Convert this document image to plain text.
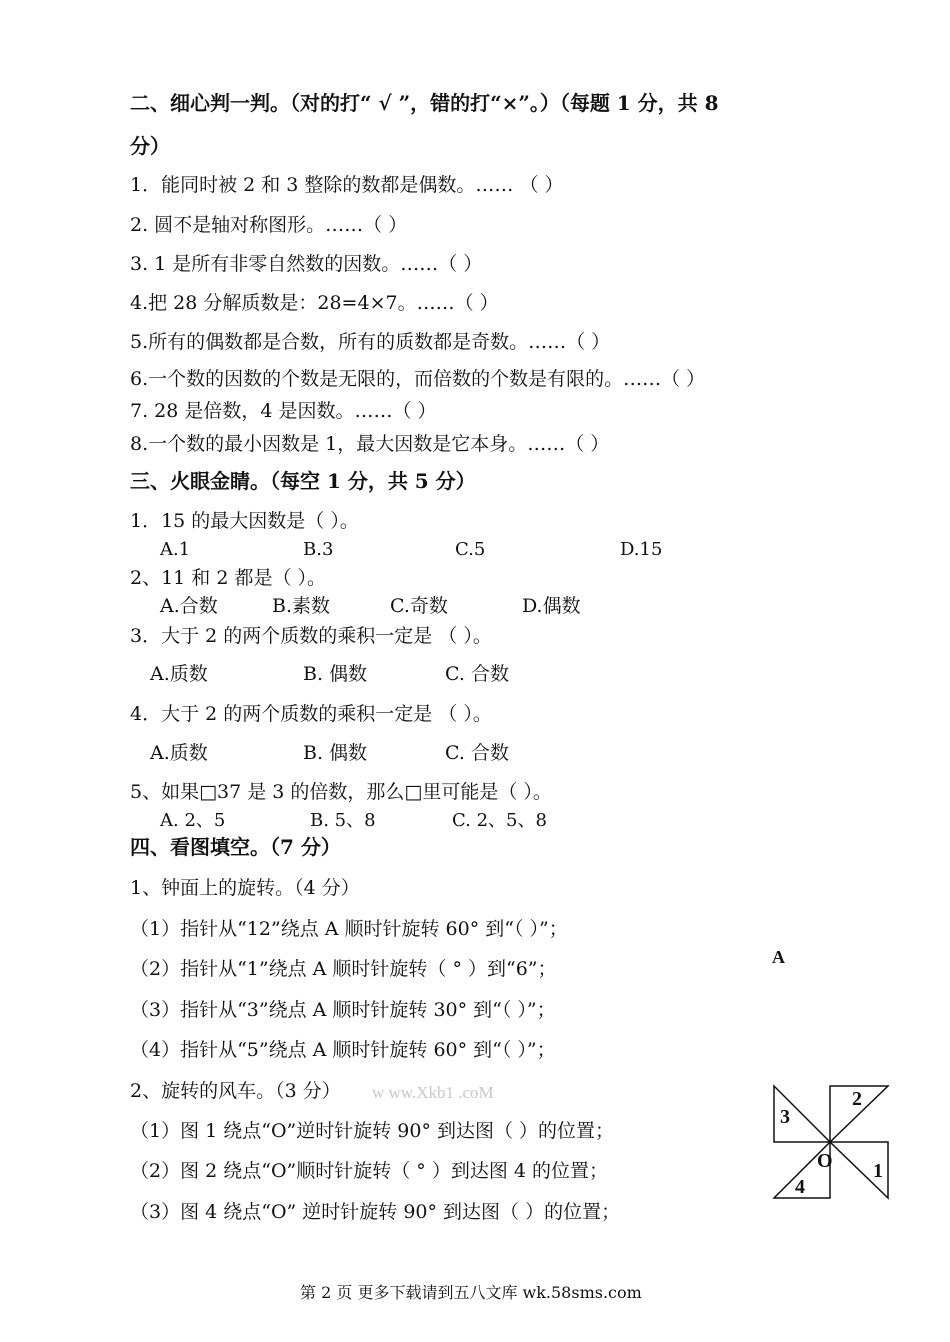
二、细心判一判。（对的打“ √ ”，错的打“×”。）（每题 1 分，共 8
分）
1．能同时被 2 和 3 整除的数都是偶数。…… （ ）
2. 圆不是轴对称图形。……（ ）
3. 1 是所有非零自然数的因数。……（ ）
4.把 28 分解质数是：28=4×7。……（ ）
5.所有的偶数都是合数，所有的质数都是奇数。……（ ）
6.一个数的因数的个数是无限的，而倍数的个数是有限的。……（ ）
7. 28 是倍数，4 是因数。……（ ）
8.一个数的最小因数是 1，最大因数是它本身。……（ ）
三、火眼金睛。（每空 1 分，共 5 分）
1．15 的最大因数是（ ）。
A.1	B.3	C.5	D.15
2、11 和 2 都是（ ）。
A.合数	B.素数	C.奇数	D.偶数
3．大于 2 的两个质数的乘积一定是 （ ）。
A.质数	B. 偶数	C. 合数
4．大于 2 的两个质数的乘积一定是 （ ）。
A.质数	B. 偶数	C. 合数
5、如果□37 是 3 的倍数，那么□里可能是（ ）。
A. 2、5	B. 5、8	C. 2、5、8
四、看图填空。（7 分）
1、钟面上的旋转。（4 分）
（1）指针从“12”绕点 A 顺时针旋转 60° 到“（ ）”；
（2）指针从“1”绕点 A 顺时针旋转（ ° ）到“6”；
（3）指针从“3”绕点 A 顺时针旋转 30° 到“（ ）”；
（4）指针从“5”绕点 A 顺时针旋转 60° 到“（ ）”；
A
2、旋转的风车。（3 分） w ww.Xkb1 .coM
（1）图 1 绕点“O”逆时针旋转 90° 到达图（ ）的位置；
（2）图 2 绕点“O”顺时针旋转（ ° ）到达图 4 的位置；
（3）图 4 绕点“O” 逆时针旋转 90° 到达图（ ）的位置；
2
3
O 1
4
第 2 页 更多下载请到五八文库 wk.58sms.com
